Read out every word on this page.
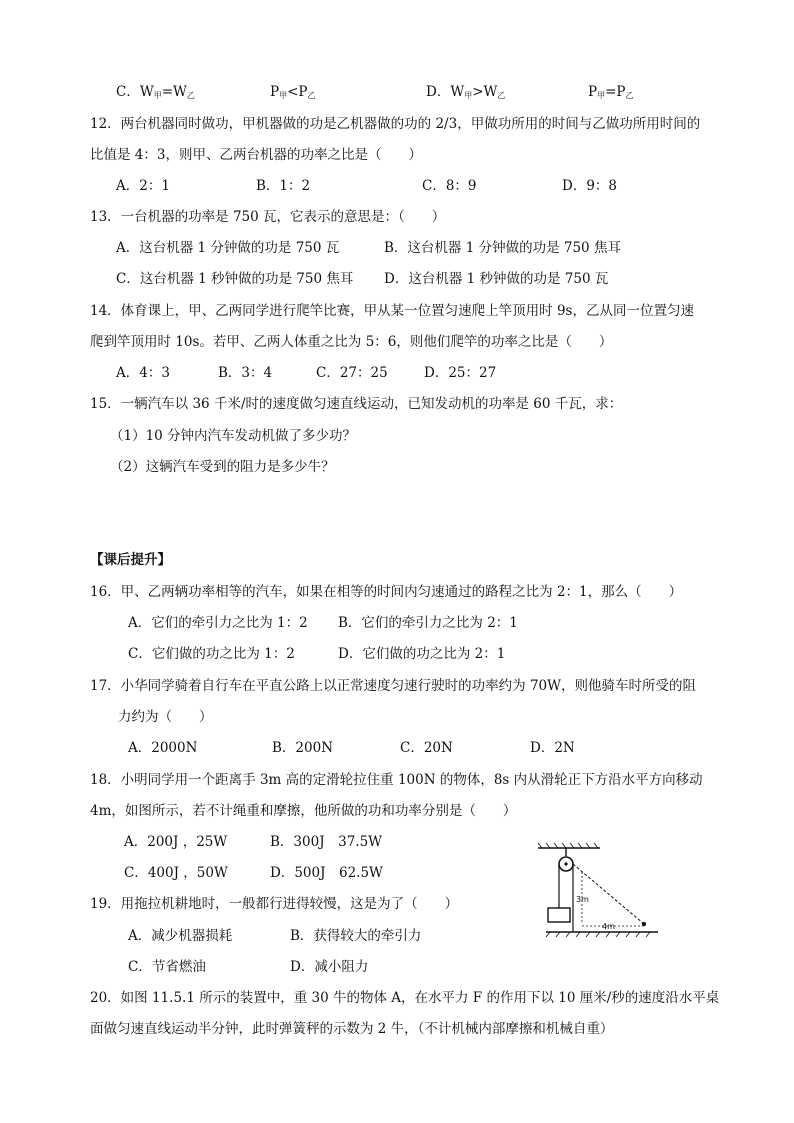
C．$W_甲=W_乙$	$P_甲<P_乙$	D．$W_甲>W_乙$	$P_甲=P_乙$
12．两台机器同时做功，甲机器做的功是乙机器做的功的 2/3，甲做功所用的时间与乙做功所用时间的
比值是 4：3，则甲、乙两台机器的功率之比是（　　）
A．2：1	B．1：2	C．8：9	D．9：8
13．一台机器的功率是 750 瓦，它表示的意思是：（　　）
A．这台机器 1 分钟做的功是 750 瓦	B．这台机器 1 分钟做的功是 750 焦耳
C．这台机器 1 秒钟做的功是 750 焦耳 D．这台机器 1 秒钟做的功是 750 瓦
14．体育课上，甲、乙两同学进行爬竿比赛，甲从某一位置匀速爬上竿顶用时 9s，乙从同一位置匀速
爬到竿顶用时 10s。若甲、乙两人体重之比为 5：6，则他们爬竿的功率之比是（　　）
A．4：3	B．3：4	C．27：25	D．25：27
15．一辆汽车以 36 千米/时的速度做匀速直线运动，已知发动机的功率是 60 千瓦，求：
（1）10 分钟内汽车发动机做了多少功？
（2）这辆汽车受到的阻力是多少牛？
【课后提升】
16．甲、乙两辆功率相等的汽车，如果在相等的时间内匀速通过的路程之比为 2：1，那么（　　）
A．它们的牵引力之比为 1：2 B．它们的牵引力之比为 2：1
C．它们做的功之比为 1：2	D．它们做的功之比为 2：1
17．小华同学骑着自行车在平直公路上以正常速度匀速行驶时的功率约为 70W，则他骑车时所受的阻
力约为（　　）
A．2000N	B．200N	C．20N	D．2N
18．小明同学用一个距离手 3m 高的定滑轮拉住重 100N 的物体，8s 内从滑轮正下方沿水平方向移动
4m，如图所示，若不计绳重和摩擦，他所做的功和功率分别是（　　）
A．200J ，25W	B．300J　37.5W
C．400J ，50W	D．500J　62.5W
4m
3m
19．用拖拉机耕地时，一般都行进得较慢，这是为了（　　）
A．减少机器损耗	B．获得较大的牵引力
C．节省燃油	D．减小阻力
20．如图 11.5.1 所示的装置中，重 30 牛的物体 A，在水平力 F 的作用下以 10 厘米/秒的速度沿水平桌
面做匀速直线运动半分钟，此时弹簧秤的示数为 2 牛，（不计机械内部摩擦和机械自重）
